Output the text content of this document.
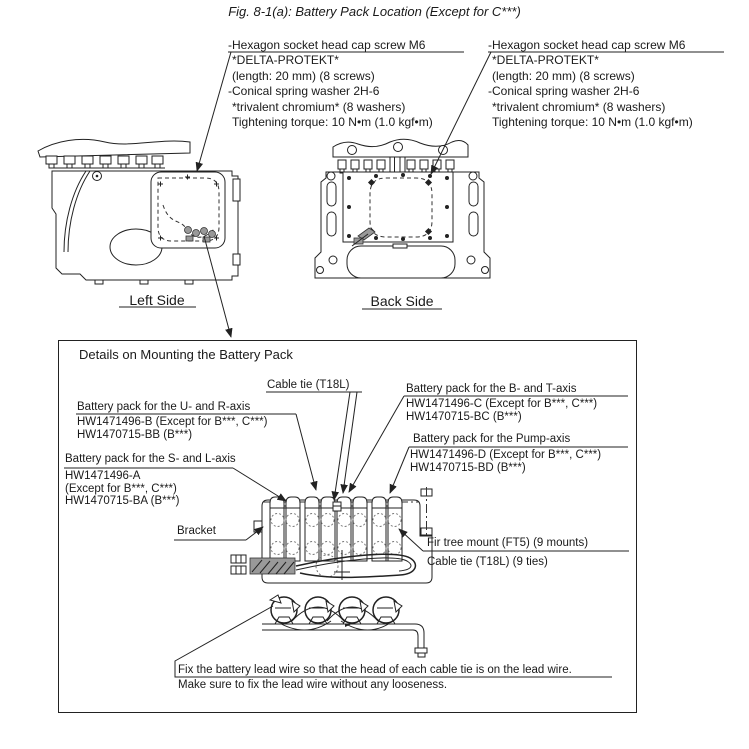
Fig. 8-1(a): Battery Pack Location (Except for C***)
-Hexagon socket head cap screw M6
*DELTA-PROTEKT*
(length: 20 mm) (8 screws)
-Conical spring washer 2H-6
*trivalent chromium* (8 washers)
Tightening torque: 10 N•m (1.0 kgf•m)
-Hexagon socket head cap screw M6
*DELTA-PROTEKT*
(length: 20 mm) (8 screws)
-Conical spring washer 2H-6
*trivalent chromium* (8 washers)
Tightening torque: 10 N•m (1.0 kgf•m)
Left Side	Back Side
Details on Mounting the Battery Pack
Cable tie (T18L)
Battery pack for the U- and R-axis
HW1471496-B (Except for B***, C***)
HW1470715-BB (B***)
Battery pack for the S- and L-axis
HW1471496-A
(Except for B***, C***)
HW1470715-BA (B***)
Battery pack for the B- and T-axis
HW1471496-C (Except for B***, C***)
HW1470715-BC (B***)
Battery pack for the Pump-axis
HW1471496-D (Except for B***, C***)
HW1470715-BD (B***)
Bracket
Fir tree mount (FT5) (9 mounts)
Cable tie (T18L) (9 ties)
Fix the battery lead wire so that the head of each cable tie is on the lead wire.
Make sure to fix the lead wire without any looseness.
